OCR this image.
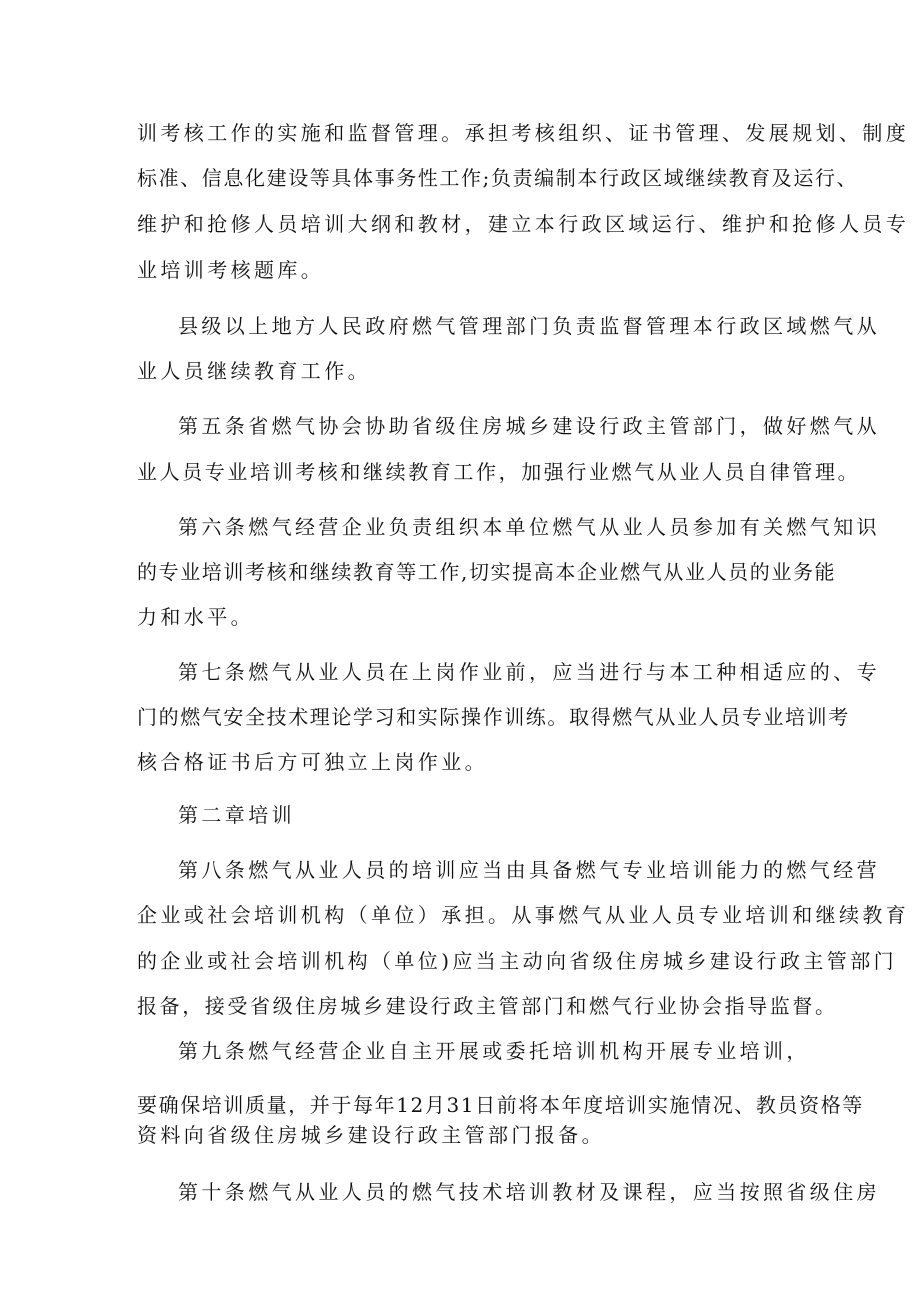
训考核工作的实施和监督管理。承担考核组织、证书管理、发展规划、制度
标准、信息化建设等具体事务性工作;负责编制本行政区域继续教育及运行、
维护和抢修人员培训大纲和教材，建立本行政区域运行、维护和抢修人员专
业培训考核题库。
县级以上地方人民政府燃气管理部门负责监督管理本行政区域燃气从
业人员继续教育工作。
第五条省燃气协会协助省级住房城乡建设行政主管部门，做好燃气从
业人员专业培训考核和继续教育工作，加强行业燃气从业人员自律管理。
第六条燃气经营企业负责组织本单位燃气从业人员参加有关燃气知识
的专业培训考核和继续教育等工作,切实提高本企业燃气从业人员的业务能
力和水平。
第七条燃气从业人员在上岗作业前，应当进行与本工种相适应的、专
门的燃气安全技术理论学习和实际操作训练。取得燃气从业人员专业培训考
核合格证书后方可独立上岗作业。
第二章培训
第八条燃气从业人员的培训应当由具备燃气专业培训能力的燃气经营
企业或社会培训机构（单位）承担。从事燃气从业人员专业培训和继续教育
的企业或社会培训机构（单位)应当主动向省级住房城乡建设行政主管部门
报备，接受省级住房城乡建设行政主管部门和燃气行业协会指导监督。
第九条燃气经营企业自主开展或委托培训机构开展专业培训，
要确保培训质量，并于每年12月31日前将本年度培训实施情况、教员资格等
资料向省级住房城乡建设行政主管部门报备。
第十条燃气从业人员的燃气技术培训教材及课程，应当按照省级住房
